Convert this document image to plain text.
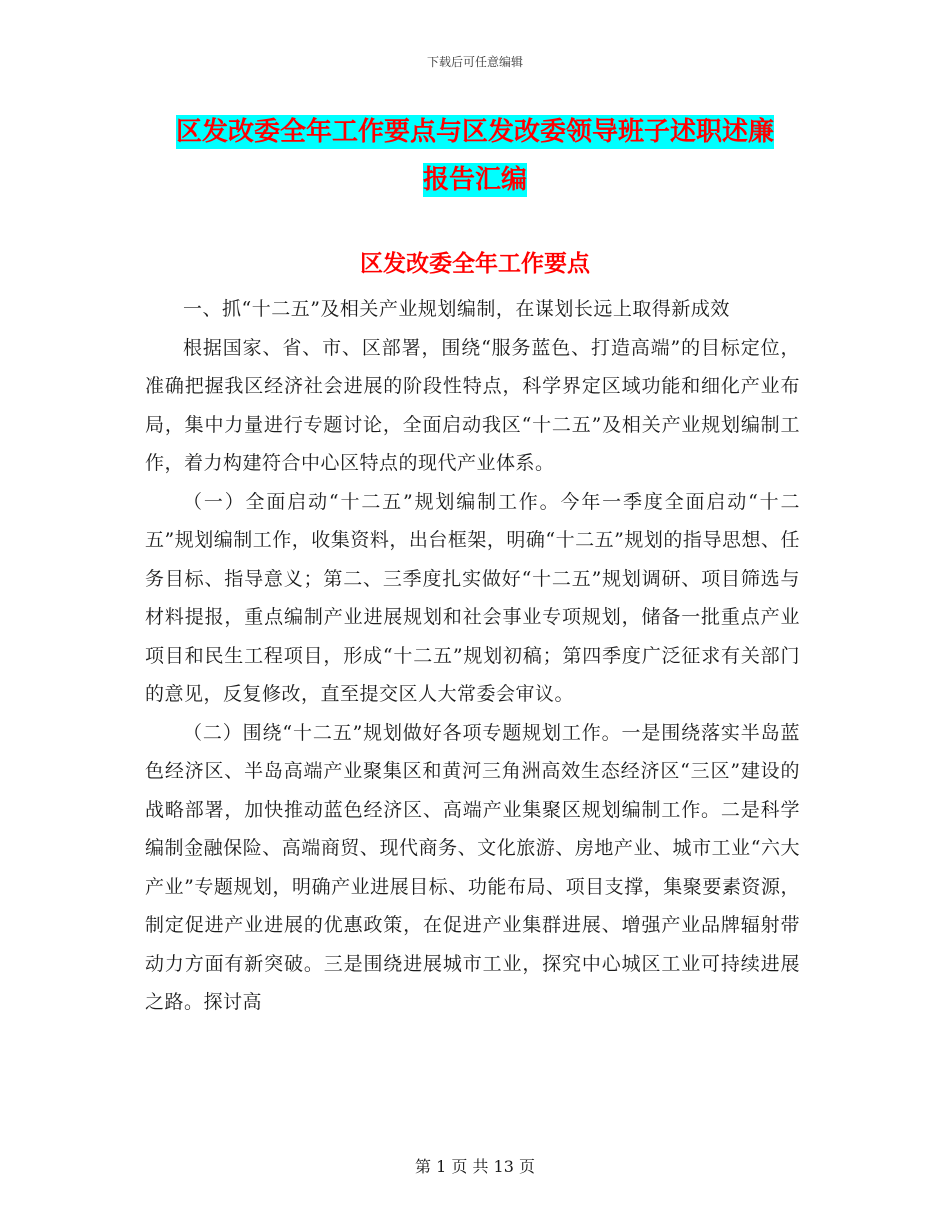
下载后可任意编辑
区发改委全年工作要点与区发改委领导班子述职述廉
报告汇编
区发改委全年工作要点

一、抓“十二五”及相关产业规划编制，在谋划长远上取得新成效

根据国家、省、市、区部署，围绕“服务蓝色、打造高端”的目标定位，准确把握我区经济社会进展的阶段性特点，科学界定区域功能和细化产业布局，集中力量进行专题讨论，全面启动我区“十二五”及相关产业规划编制工作，着力构建符合中心区特点的现代产业体系。

（一）全面启动“十二五”规划编制工作。今年一季度全面启动“十二五”规划编制工作，收集资料，出台框架，明确“十二五”规划的指导思想、任务目标、指导意义；第二、三季度扎实做好“十二五”规划调研、项目筛选与材料提报，重点编制产业进展规划和社会事业专项规划，储备一批重点产业项目和民生工程项目，形成“十二五”规划初稿；第四季度广泛征求有关部门的意见，反复修改，直至提交区人大常委会审议。

（二）围绕“十二五”规划做好各项专题规划工作。一是围绕落实半岛蓝色经济区、半岛高端产业聚集区和黄河三角洲高效生态经济区“三区”建设的战略部署，加快推动蓝色经济区、高端产业集聚区规划编制工作。二是科学编制金融保险、高端商贸、现代商务、文化旅游、房地产业、城市工业“六大产业”专题规划，明确产业进展目标、功能布局、项目支撑，集聚要素资源，制定促进产业进展的优惠政策，在促进产业集群进展、增强产业品牌辐射带动力方面有新突破。三是围绕进展城市工业，探究中心城区工业可持续进展之路。探讨高

第 1 页 共 13 页
